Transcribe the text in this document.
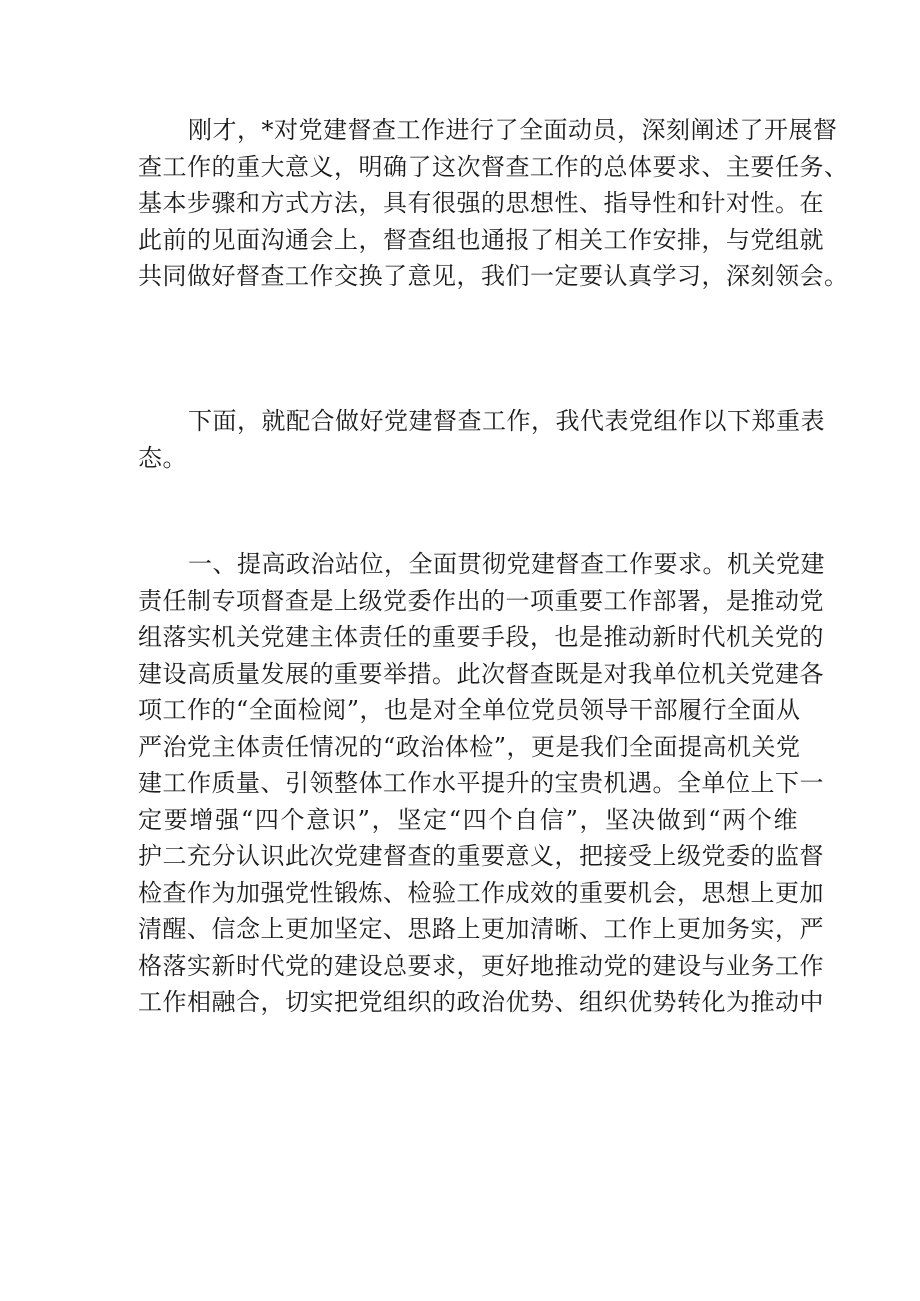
刚才，*对党建督查工作进行了全面动员，深刻阐述了开展督
查工作的重大意义，明确了这次督查工作的总体要求、主要任务、
基本步骤和方式方法，具有很强的思想性、指导性和针对性。在
此前的见面沟通会上，督查组也通报了相关工作安排，与党组就
共同做好督查工作交换了意见，我们一定要认真学习，深刻领会。
下面，就配合做好党建督查工作，我代表党组作以下郑重表
态。
一、提高政治站位，全面贯彻党建督查工作要求。机关党建
责任制专项督查是上级党委作出的一项重要工作部署，是推动党
组落实机关党建主体责任的重要手段，也是推动新时代机关党的
建设高质量发展的重要举措。此次督查既是对我单位机关党建各
项工作的“全面检阅”，也是对全单位党员领导干部履行全面从
严治党主体责任情况的“政治体检”，更是我们全面提高机关党
建工作质量、引领整体工作水平提升的宝贵机遇。全单位上下一
定要增强“四个意识”，坚定“四个自信”，坚决做到“两个维
护二充分认识此次党建督查的重要意义，把接受上级党委的监督
检查作为加强党性锻炼、检验工作成效的重要机会，思想上更加
清醒、信念上更加坚定、思路上更加清晰、工作上更加务实，严
格落实新时代党的建设总要求，更好地推动党的建设与业务工作
工作相融合，切实把党组织的政治优势、组织优势转化为推动中
